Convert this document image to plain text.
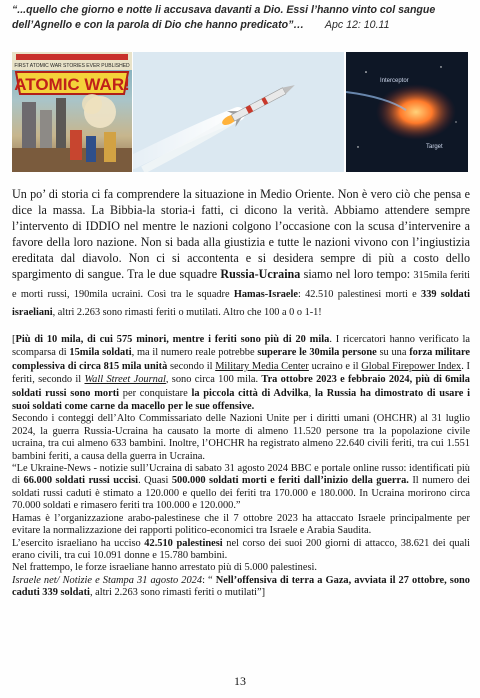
“...quello che giorno e notte li accusava davanti a Dio. Essi l’hanno vinto col sangue dell’Agnello e con la parola di Dio che hanno predicato”… Apc 12: 10.11
FIRST ATOMIC WAR STORIES EVER PUBLISHED
ATOMIC WAR!	Interceptor
Target
Un po’ di storia ci fa comprendere la situazione in Medio Oriente. Non è vero ciò che pensa e dice la massa. La Bibbia-la storia-i fatti, ci dicono la verità. Abbiamo attendere sempre l’intervento di IDDIO nel mentre le nazioni colgono l’occasione con la scusa d’intervenire a favore della loro nazione. Non si bada alla giustizia e tutte le nazioni vivono con l’ingiustizia ereditata dal diavolo. Non ci si accontenta e si desidera sempre di più a costo dello spargimento di sangue. Tra le due squadre Russia-Ucraina siamo nel loro tempo: 315mila feriti e morti russi, 190mila ucraini. Così tra le squadre Hamas-Israele: 42.510 palestinesi morti e 339 soldati israeliani, altri 2.263 sono rimasti feriti o mutilati. Altro che 100 a 0 o 1-1!

[Più di 10 mila, di cui 575 minori, mentre i feriti sono più di 20 mila. I ricercatori hanno verificato la scomparsa di 15mila soldati, ma il numero reale potrebbe superare le 30mila persone su una forza militare complessiva di circa 815 mila unità secondo il Military Media Center ucraino e il Global Firepower Index. I feriti, secondo il Wall Street Journal, sono circa 100 mila. Tra ottobre 2023 e febbraio 2024, più di 6mila soldati russi sono morti per conquistare la piccola città di Advilka, la Russia ha dimostrato di usare i suoi soldati come carne da macello per le sue offensive.

Secondo i conteggi dell’Alto Commissariato delle Nazioni Unite per i diritti umani (OHCHR) al 31 luglio 2024, la guerra Russia-Ucraina ha causato la morte di almeno 11.520 persone tra la popolazione civile ucraina, tra cui almeno 633 bambini. Inoltre, l’OHCHR ha registrato almeno 22.640 civili feriti, tra cui 1.551 bambini feriti, a causa della guerra in Ucraina.

“Le Ukraine-News - notizie sull’Ucraina di sabato 31 agosto 2024 BBC e portale online russo: identificati più di 66.000 soldati russi uccisi. Quasi 500.000 soldati morti e feriti dall’inizio della guerra. Il numero dei soldati russi caduti è stimato a 120.000 e quello dei feriti tra 170.000 e 180.000. In Ucraina morirono circa 70.000 soldati e rimasero feriti tra 100.000 e 120.000.”

Hamas è l’organizzazione arabo-palestinese che il 7 ottobre 2023 ha attaccato Israele principalmente per evitare la normalizzazione dei rapporti politico-economici tra Israele e Arabia Saudita.

L’esercito israeliano ha ucciso 42.510 palestinesi nel corso dei suoi 200 giorni di attacco, 38.621 dei quali erano civili, tra cui 10.091 donne e 15.780 bambini.

Nel frattempo, le forze israeliane hanno arrestato più di 5.000 palestinesi.

Israele net/ Notizie e Stampa 31 agosto 2024: “ Nell’offensiva di terra a Gaza, avviata il 27 ottobre, sono caduti 339 soldati, altri 2.263 sono rimasti feriti o mutilati”]

13
